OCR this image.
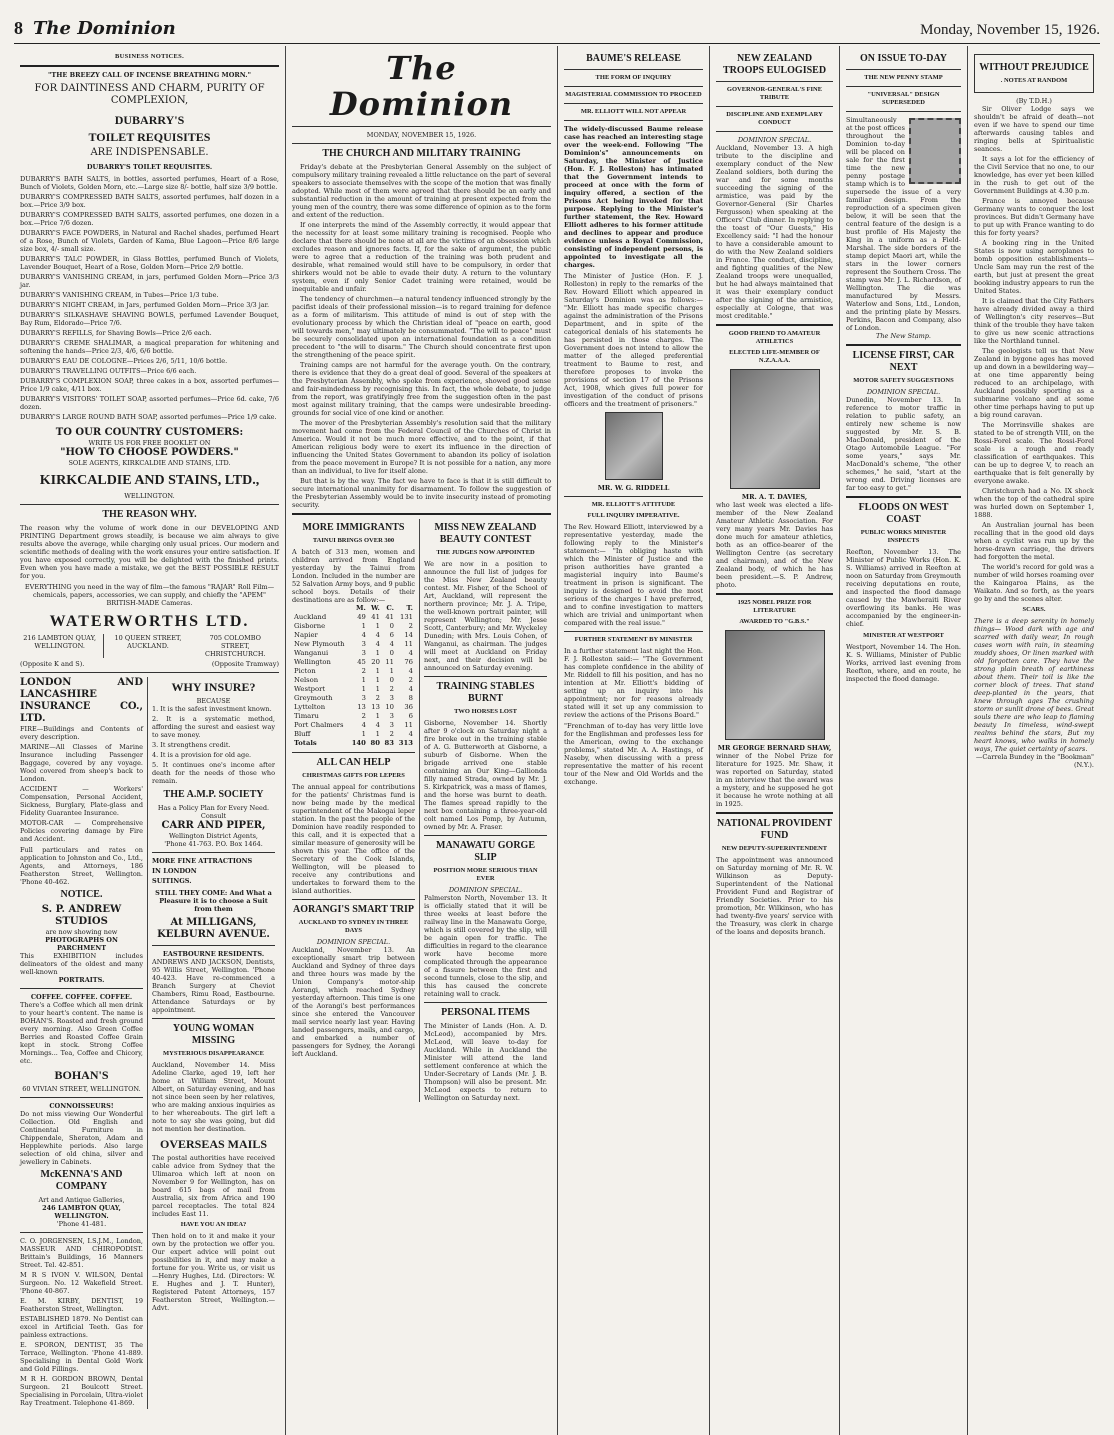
8 The Dominion	Monday, November 15, 1926.
BUSINESS NOTICES.
"THE BREEZY CALL OF INCENSE BREATHING MORN."
FOR DAINTINESS AND CHARM, PURITY OF COMPLEXION,
DUBARRY'S
TOILET REQUISITES
ARE INDISPENSABLE.
DUBARRY'S TOILET REQUISITES.
DUBARRY'S BATH SALTS, in bottles, assorted perfumes, Heart of a Rose, Bunch of Violets, Golden Morn, etc.—Large size 8/- bottle, half size 3/9 bottle.
DUBARRY'S COMPRESSED BATH SALTS, assorted perfumes, half dozen in a box.—Price 3/9 box.
DUBARRY'S COMPRESSED BATH SALTS, assorted perfumes, one dozen in a box.—Price 7/6 dozen.
DUBARRY'S FACE POWDERS, in Natural and Rachel shades, perfumed Heart of a Rose, Bunch of Violets, Garden of Kama, Blue Lagoon—Price 8/6 large size box, 4/- small size.
DUBARRY'S TALC POWDER, in Glass Bottles, perfumed Bunch of Violets, Lavender Bouquet, Heart of a Rose, Golden Morn—Price 2/9 bottle.
DUBARRY'S VANISHING CREAM, in jars, perfumed Golden Morn—Price 3/3 jar.
DUBARRY'S VANISHING CREAM, in Tubes—Price 1/3 tube.
DUBARRY'S NIGHT CREAM, in Jars, perfumed Golden Morn—Price 3/3 jar.
DUBARRY'S SILKASHAVE SHAVING BOWLS, perfumed Lavender Bouquet, Bay Rum, Eldorado—Price 7/6.
DUBARRY'S REFILLS, for Shaving Bowls—Price 2/6 each.
DUBARRY'S CREME SHALIMAR, a magical preparation for whitening and softening the hands—Price 2/3, 4/6, 6/6 bottle.
DUBARRY'S EAU DE COLOGNE—Prices 2/6, 5/11, 10/6 bottle.
DUBARRY'S TRAVELLING OUTFITS—Price 6/6 each.
DUBARRY'S COMPLEXION SOAP, three cakes in a box, assorted perfumes—Price 1/9 cake, 4/11 box.
DUBARRY'S VISITORS' TOILET SOAP, assorted perfumes—Price 6d. cake, 7/6 dozen.
DUBARRY'S LARGE ROUND BATH SOAP, assorted perfumes—Price 1/9 cake.
TO OUR COUNTRY CUSTOMERS:
WRITE US FOR FREE BOOKLET ON
"HOW TO CHOOSE POWDERS."
SOLE AGENTS, KIRKCALDIE AND STAINS, LTD.
KIRKCALDIE AND STAINS, LTD.,
WELLINGTON.
THE REASON WHY.
The reason why the volume of work done in our DEVELOPING AND PRINTING Department grows steadily, is because we aim always to give results above the average, while charging only usual prices. Our modern and scientific methods of dealing with the work ensures your entire satisfaction. If you have exposed correctly, you will be delighted with the finished prints. Even when you have made a mistake, we get the BEST POSSIBLE RESULT for you.
EVERYTHING you need in the way of film—the famous "RAJAR" Roll Film—chemicals, papers, accessories, we can supply, and chiefly the "APEM" BRITISH-MADE Cameras.
WATERWORTHS LTD.
216 LAMBTON QUAY, WELLINGTON.
10 QUEEN STREET, AUCKLAND.
705 COLOMBO STREET, CHRISTCHURCH.
(Opposite K and S).	(Opposite Tramway)
LONDON AND LANCASHIRE INSURANCE CO., LTD.
FIRE—Buildings and Contents of every description.
MARINE—All Classes of Marine Insurance including Passenger Baggage, covered by any voyage. Wool covered from sheep's back to London.
ACCIDENT — Workers' Compensation, Personal Accident, Sickness, Burglary, Plate-glass and Fidelity Guarantee Insurance.
MOTOR-CAR — Comprehensive Policies covering damage by Fire and Accident.
Full particulars and rates on application to Johnston and Co., Ltd., Agents, and Attorneys, 186 Featherston Street, Wellington. 'Phone 40-462.
NOTICE.
S. P. ANDREW STUDIOS
are now showing new
PHOTOGRAPHS ON PARCHMENT
This EXHIBITION includes delineators of the oldest and many well-known
PORTRAITS.
COFFEE. COFFEE. COFFEE.
There's a Coffee which all men drink to your heart's content. The name is BOHAN'S. Roasted and fresh ground every morning. Also Green Coffee Berries and Roasted Coffee Grain kept in stock. Strong Coffee Mornings... Tea, Coffee and Chicory, etc.
BOHAN'S
60 VIVIAN STREET, WELLINGTON.
CONNOISSEURS!
Do not miss viewing Our Wonderful Collection. Old English and Continental Furniture in Chippendale, Sheraton, Adam and Hepplewhite periods. Also large selection of old china, silver and jewellery in Cabinets.
McKENNA'S AND COMPANY
Art and Antique Galleries,
246 LAMBTON QUAY, WELLINGTON.
'Phone 41-481.
C. O. JORGENSEN, I.S.J.M., London, MASSEUR AND CHIROPODIST. Brittain's Buildings, 16 Manners Street. Tel. 42-851.
M R S IVON V. WILSON, Dental Surgeon. No. 12 Wakefield Street. 'Phone 40-867.
E. M. KIRBY, DENTIST, 19 Featherston Street, Wellington.
ESTABLISHED 1879. No Dentist can excel in Artificial Teeth. Gas for painless extractions.
E. SPORON, DENTIST, 35 The Terrace, Wellington. 'Phone 41-889. Specialising in Dental Gold Work and Gold Fillings.
M R H. GORDON BROWN, Dental Surgeon. 21 Boulcott Street. Specialising in Porcelain, Ultra-violet Ray Treatment. Telephone 41-869.
WHY INSURE?
BECAUSE
1. It is the safest investment known.
2. It is a systematic method, affording the surest and easiest way to save money.
3. It strengthens credit.
4. It is a provision for old age.
5. It continues one's income after death for the needs of those who remain.
THE A.M.P. SOCIETY
Has a Policy Plan for Every Need.
Consult
CARR AND PIPER,
Wellington District Agents,
'Phone 41-763. P.O. Box 1464.
MORE FINE ATTRACTIONS
IN LONDON
SUITINGS.
STILL THEY COME: And What a Pleasure it is to choose a Suit from them
At MILLIGANS, KELBURN AVENUE.
EASTBOURNE RESIDENTS.
ANDREWS AND JACKSON, Dentists, 95 Willis Street, Wellington. 'Phone 40-423. Have re-commenced a Branch Surgery at Cheviot Chambers, Rimu Road, Eastbourne. Attendance Saturdays or by appointment.
YOUNG WOMAN MISSING
MYSTERIOUS DISAPPEARANCE
Auckland, November 14. Miss Adeline Clarke, aged 19, left her home at William Street, Mount Albert, on Saturday evening, and has not since been seen by her relatives, who are making anxious inquiries as to her whereabouts. The girl left a note to say she was going, but did not mention her destination.
OVERSEAS MAILS
The postal authorities have received cable advice from Sydney that the Ulimaroa which left at noon on November 9 for Wellington, has on board 615 bags of mail from Australia, six from Africa and 190 parcel receptacles. The total 824 includes East 11.
HAVE YOU AN IDEA?
Then hold on to it and make it your own by the protection we offer you. Our expert advice will point out possibilities in it, and may make a fortune for you. Write us, or visit us—Henry Hughes, Ltd. (Directors: W. E. Hughes and J. T. Hunter), Registered Patent Attorneys, 157 Featherston Street, Wellington.—Advt.
The Dominion
MONDAY, NOVEMBER 15, 1926.
THE CHURCH AND MILITARY TRAINING

Friday's debate at the Presbyterian General Assembly on the subject of compulsory military training revealed a little reluctance on the part of several speakers to associate themselves with the scope of the motion that was finally adopted. While most of them were agreed that there should be an early and substantial reduction in the amount of training at present expected from the young men of the country, there was some difference of opinion as to the form and extent of the reduction.

If one interprets the mind of the Assembly correctly, it would appear that the necessity for at least some military training is recognised. People who declare that there should be none at all are the victims of an obsession which excludes reason and ignores facts. If, for the sake of argument, the public were to agree that a reduction of the training was both prudent and desirable, what remained would still have to be compulsory, in order that shirkers would not be able to evade their duty. A return to the voluntary system, even if only Senior Cadet training were retained, would be inequitable and unfair.

The tendency of churchmen—a natural tendency influenced strongly by the pacifist ideals of their professional mission—is to regard training for defence as a form of militarism. This attitude of mind is out of step with the evolutionary process by which the Christian ideal of "peace on earth, good will towards men," may ultimately be consummated. "The will to peace" must be securely consolidated upon an international foundation as a condition precedent to "the will to disarm." The Church should concentrate first upon the strengthening of the peace spirit.

Training camps are not harmful for the average youth. On the contrary, there is evidence that they do a great deal of good. Several of the speakers at the Presbyterian Assembly, who spoke from experience, showed good sense and fair-mindedness by recognising this. In fact, the whole debate, to judge from the report, was gratifyingly free from the suggestion often in the past most against military training, that the camps were undesirable breeding-grounds for social vice of one kind or another.

The mover of the Presbyterian Assembly's resolution said that the military movement had come from the Federal Council of the Churches of Christ in America. Would it not be much more effective, and to the point, if that American religious body were to exert its influence in the direction of influencing the United States Government to abandon its policy of isolation from the peace movement in Europe? It is not possible for a nation, any more than an individual, to live for itself alone.

But that is by the way. The fact we have to face is that it is still difficult to secure international unanimity for disarmament. To follow the suggestion of the Presbyterian Assembly would be to invite insecurity instead of promoting security.

MORE IMMIGRANTS
TAINUI BRINGS OVER 300
A batch of 313 men, women and children arrived from England yesterday by the Tainui from London. Included in the number are 52 Salvation Army boys, and 9 public school boys. Details of their destinations are as follow:—
	M.	W.	C.	T.
Auckland	49	41	41	131
Gisborne	1	1	0	2
Napier	4	4	6	14
New Plymouth	3	4	4	11
Wanganui	3	1	0	4
Wellington	45	20	11	76
Picton	2	1	1	4
Nelson	1	1	0	2
Westport	1	1	2	4
Greymouth	3	2	3	8
Lyttelton	13	13	10	36
Timaru	2	1	3	6
Port Chalmers	4	4	3	11
Bluff	1	1	2	4
Totals	140	80	83	313
ALL CAN HELP
CHRISTMAS GIFTS FOR LEPERS
The annual appeal for contributions for the patients' Christmas fund is now being made by the medical superintendent of the Makogai leper station. In the past the people of the Dominion have readily responded to this call, and it is expected that a similar measure of generosity will be shown this year. The office of the Secretary of the Cook Islands, Wellington, will be pleased to receive any contributions and undertakes to forward them to the island authorities.
AORANGI'S SMART TRIP
AUCKLAND TO SYDNEY IN THREE DAYS
DOMINION SPECIAL.
Auckland, November 13. An exceptionally smart trip between Auckland and Sydney of three days and three hours was made by the Union Company's motor-ship Aorangi, which reached Sydney yesterday afternoon. This time is one of the Aorangi's best performances since she entered the Vancouver mail service nearly last year. Having landed passengers, mails, and cargo, and embarked a number of passengers for Sydney, the Aorangi left Auckland.
MISS NEW ZEALAND BEAUTY CONTEST
THE JUDGES NOW APPOINTED
We are now in a position to announce the full list of judges for the Miss New Zealand beauty contest. Mr. Fisher, of the School of Art, Auckland, will represent the northern province; Mr. J. A. Tripe, the well-known portrait painter, will represent Wellington; Mr. Jesse Scott, Canterbury; and Mr. Wyckeley Dunedin; with Mrs. Louis Cohen, of Wanganui, as chairman. The judges will meet at Auckland on Friday next, and their decision will be announced on Saturday evening.
TRAINING STABLES BURNT
TWO HORSES LOST
Gisborne, November 14. Shortly after 9 o'clock on Saturday night a fire broke out in the training stable of A. G. Butterworth at Gisborne, a suburb of Gisborne. When the brigade arrived one stable containing an Our King—Gallionda filly named Strada, owned by Mr. J. S. Kirkpatrick, was a mass of flames, and the horse was burnt to death. The flames spread rapidly to the next box containing a three-year-old colt named Los Pomp, by Autumn, owned by Mr. A. Fraser.
MANAWATU GORGE SLIP
POSITION MORE SERIOUS THAN EVER
DOMINION SPECIAL.
Palmerston North, November 13. It is officially stated that it will be three weeks at least before the railway line in the Manawatu Gorge, which is still covered by the slip, will be again open for traffic. The difficulties in regard to the clearance work have become more complicated through the appearance of a fissure between the first and second tunnels, close to the slip, and this has caused the concrete retaining wall to crack.
PERSONAL ITEMS
The Minister of Lands (Hon. A. D. McLeod), accompanied by Mrs. McLeod, will leave to-day for Auckland. While in Auckland the Minister will attend the land settlement conference at which the Under-Secretary of Lands (Mr. J. B. Thompson) will also be present. Mr. McLeod expects to return to Wellington on Saturday next.
BAUME'S RELEASE
THE FORM OF INQUIRY
MAGISTERIAL COMMISSION TO PROCEED
MR. ELLIOTT WILL NOT APPEAR
The widely-discussed Baume release case has reached an interesting stage over the week-end. Following "The Dominion's" announcements on Saturday, the Minister of Justice (Hon. F. J. Rolleston) has intimated that the Government intends to proceed at once with the form of inquiry offered, a section of the Prisons Act being invoked for that purpose. Replying to the Minister's further statement, the Rev. Howard Elliott adheres to his former attitude and declines to appear and produce evidence unless a Royal Commission, consisting of independent persons, is appointed to investigate all the charges.
The Minister of Justice (Hon. F. J. Rolleston) in reply to the remarks of the Rev. Howard Elliott which appeared in Saturday's Dominion was as follows:— "Mr. Elliott has made specific charges against the administration of the Prisons Department, and in spite of the categorical denials of his statements he has persisted in those charges. The Government does not intend to allow the matter of the alleged preferential treatment to Baume to rest, and therefore proposes to invoke the provisions of section 17 of the Prisons Act, 1908, which gives full power for investigation of the conduct of prisons officers and the treatment of prisoners."
MR. W. G. RIDDELL
MR. ELLIOTT'S ATTITUDE
FULL INQUIRY IMPERATIVE.
The Rev. Howard Elliott, interviewed by a representative yesterday, made the following reply to the Minister's statement:— "In obliging haste with which the Minister of Justice and the prison authorities have granted a magisterial inquiry into Baume's treatment in prison is significant. The inquiry is designed to avoid the most serious of the charges I have preferred, and to confine investigation to matters which are trivial and unimportant when compared with the real issue."
FURTHER STATEMENT BY MINISTER
In a further statement last night the Hon. F. J. Rolleston said:— "The Government has complete confidence in the ability of Mr. Riddell to fill his position, and has no intention at Mr. Elliott's bidding of setting up an inquiry into his appointment; nor for reasons already stated will it set up any commission to review the actions of the Prisons Board."
"Frenchman of to-day has very little love for the Englishman and professes less for the American, owing to the exchange problems," stated Mr. A. A. Hastings, of Naseby, when discussing with a press representative the matter of his recent tour of the New and Old Worlds and the exchange.
NEW ZEALAND TROOPS EULOGISED
GOVERNOR-GENERAL'S FINE TRIBUTE
DISCIPLINE AND EXEMPLARY CONDUCT
DOMINION SPECIAL.
Auckland, November 13. A high tribute to the discipline and exemplary conduct of the New Zealand soldiers, both during the war and for some months succeeding the signing of the armistice, was paid by the Governor-General (Sir Charles Fergusson) when speaking at the Officers' Club dinner. In replying to the toast of "Our Guests," His Excellency said: "I had the honour to have a considerable amount to do with the New Zealand soldiers in France. The conduct, discipline, and fighting qualities of the New Zealand troops were unequalled, but he had always maintained that it was their exemplary conduct after the signing of the armistice, especially at Cologne, that was most creditable."
GOOD FRIEND TO AMATEUR ATHLETICS
ELECTED LIFE-MEMBER OF N.Z.A.A.A.
MR. A. T. DAVIES,
who last week was elected a life-member of the New Zealand Amateur Athletic Association. For very many years Mr. Davies has done much for amateur athletics, both as an office-bearer of the Wellington Centre (as secretary and chairman), and of the New Zealand body, of which he has been president.—S. P. Andrew, photo.
1925 NOBEL PRIZE FOR LITERATURE
AWARDED TO "G.B.S."
MR GEORGE BERNARD SHAW,
winner of the Nobel Prize for literature for 1925. Mr. Shaw, it was reported on Saturday, stated in an interview that the award was a mystery, and he supposed he got it because he wrote nothing at all in 1925.
NATIONAL PROVIDENT FUND
NEW DEPUTY-SUPERINTENDENT
The appointment was announced on Saturday morning of Mr. R. W. Wilkinson as Deputy-Superintendent of the National Provident Fund and Registrar of Friendly Societies. Prior to his promotion, Mr. Wilkinson, who has had twenty-five years' service with the Treasury, was clerk in charge of the loans and deposits branch.
ON ISSUE TO-DAY
THE NEW PENNY STAMP
"UNIVERSAL" DESIGN SUPERSEDED
Simultaneously at the post offices throughout the Dominion to-day will be placed on sale for the first time the new penny postage stamp which is to supersede the issue of a very familiar design. From the reproduction of a specimen given below, it will be seen that the central feature of the design is a bust profile of His Majesty the King in a uniform as a Field-Marshal. The side borders of the stamp depict Maori art, while the stars in the lower corners represent the Southern Cross. The stamp was Mr. J. L. Richardson, of Wellington. The die was manufactured by Messrs. Waterlow and Sons, Ltd., London, and the printing plate by Messrs. Perkins, Bacon and Company, also of London.
The New Stamp.
LICENSE FIRST, CAR NEXT
MOTOR SAFETY SUGGESTIONS
DOMINION SPECIAL.
Dunedin, November 13. In reference to motor traffic in relation to public safety, an entirely new scheme is now suggested by Mr. S. B. MacDonald, president of the Otago Automobile League. "For some years," says Mr. MacDonald's scheme, "the other schemes," he said, "start at the wrong end. Driving licenses are far too easy to get."
FLOODS ON WEST COAST
PUBLIC WORKS MINISTER INSPECTS
Reefton, November 13. The Minister of Public Works (Hon. K. S. Williams) arrived in Reefton at noon on Saturday from Greymouth receiving deputations en route, and inspected the flood damage caused by the Mawheraiti River overflowing its banks. He was accompanied by the engineer-in-chief.
MINISTER AT WESTPORT
Westport, November 14. The Hon. K. S. Williams, Minister of Public Works, arrived last evening from Reefton, where, and en route, he inspected the flood damage.
WITHOUT PREJUDICE
. NOTES AT RANDOM
(By T.D.H.)

Sir Oliver Lodge says we shouldn't be afraid of death—not even if we have to spend our time afterwards causing tables and ringing bells at Spiritualistic seances.

It says a lot for the efficiency of the Civil Service that no one, to our knowledge, has ever yet been killed in the rush to get out of the Government Buildings at 4.30 p.m.

France is annoyed because Germany wants to conquer the lost provinces. But didn't Germany have to put up with France wanting to do this for forty years?

A booking ring in the United States is now using aeroplanes to bomb opposition establishments—Uncle Sam may run the rest of the earth, but just at present the great booking industry appears to run the United States.

It is claimed that the City Fathers have already divided away a third of Wellington's city reserves—But think of the trouble they have taken to give us new scenic attractions like the Northland tunnel.

The geologists tell us that New Zealand in bygone ages has moved up and down in a bewildering way—at one time apparently being reduced to an archipelago, with Auckland possibly sporting as a submarine volcano and at some other time perhaps having to put up a big round caravan.

The Morrinsville shakes are stated to be of strength VIII, on the Rossi-Forel scale. The Rossi-Forel scale is a rough and ready classification of earthquakes. This can be up to degree V, to reach an earthquake that is felt generally by everyone awake.

Christchurch had a No. IX shock when the top of the cathedral spire was hurled down on September 1, 1888.

An Australian journal has been recalling that in the good old days when a cyclist was run up by the horse-drawn carriage, the drivers had forgotten the metal.

The world's record for gold was a number of wild horses roaming over the Kaingaroa Plains, as the Waikato. And so forth, as the years go by and the scenes alter.

SCARS.
There is a deep serenity in homely things— Wood dark with age and scarred with daily wear, In rough cases worn with rain, in steaming muddy shoes, Or linen marked with old forgotten care. They have the strong plain breath of earthiness about them. Their toil is like the corner block of trees. That stand deep-planted in the years, that knew through ages The crushing storm or sunlit drone of bees. Great souls there are who leap to flaming beauty In timeless, wind-swept realms behind the stars, But my heart knows, who walks in homely ways, The quiet certainty of scars.
—Carrela Bundey in the "Bookman"
(N.Y.).
